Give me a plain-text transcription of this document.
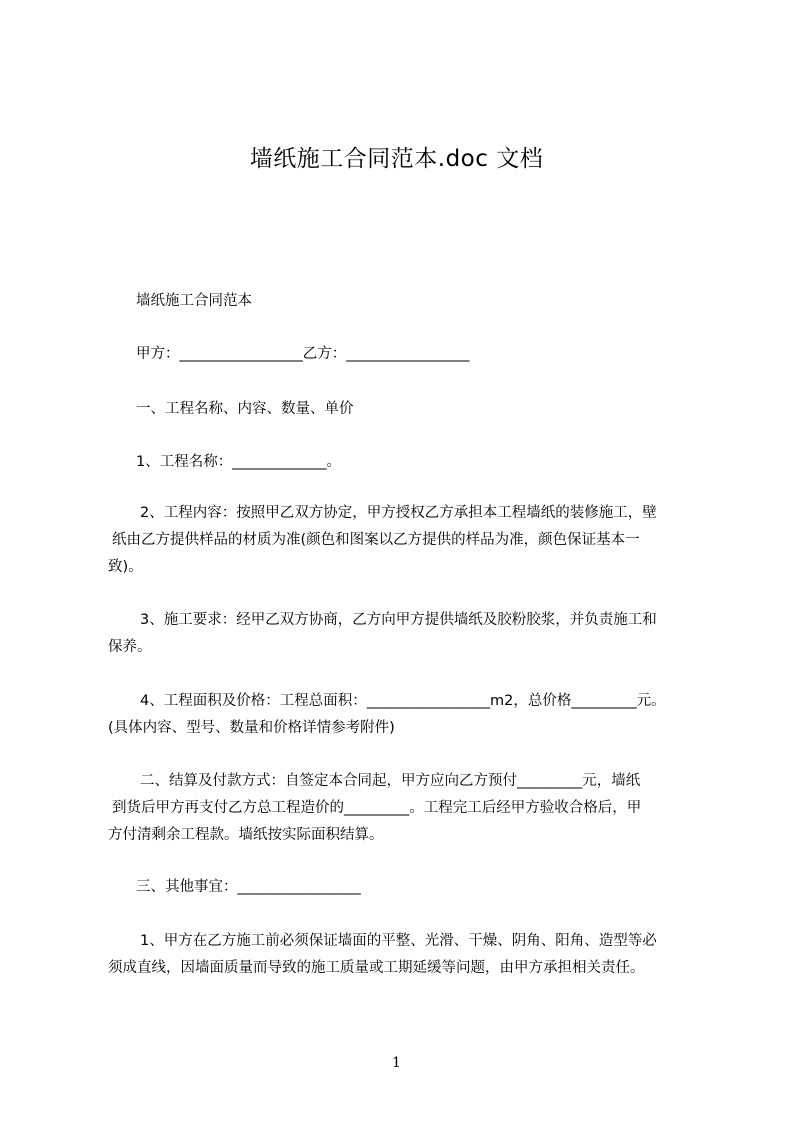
墙纸施工合同范本.doc 文档
墙纸施工合同范本
甲方：_________________乙方：_________________
一、工程名称、内容、数量、单价
1、工程名称：_____________。
2、工程内容：按照甲乙双方协定，甲方授权乙方承担本工程墙纸的装修施工，壁
纸由乙方提供样品的材质为准(颜色和图案以乙方提供的样品为准，颜色保证基本一
致)。
3、施工要求：经甲乙双方协商，乙方向甲方提供墙纸及胶粉胶浆，并负责施工和
保养。
4、工程面积及价格：工程总面积：_________________m2，总价格_________元。
(具体内容、型号、数量和价格详情参考附件)
二、结算及付款方式：自签定本合同起，甲方应向乙方预付_________元，墙纸
到货后甲方再支付乙方总工程造价的_________。工程完工后经甲方验收合格后，甲
方付清剩余工程款。墙纸按实际面积结算。
三、其他事宜：_________________
1、甲方在乙方施工前必须保证墙面的平整、光滑、干燥、阴角、阳角、造型等必
须成直线，因墙面质量而导致的施工质量或工期延缓等问题，由甲方承担相关责任。
1
